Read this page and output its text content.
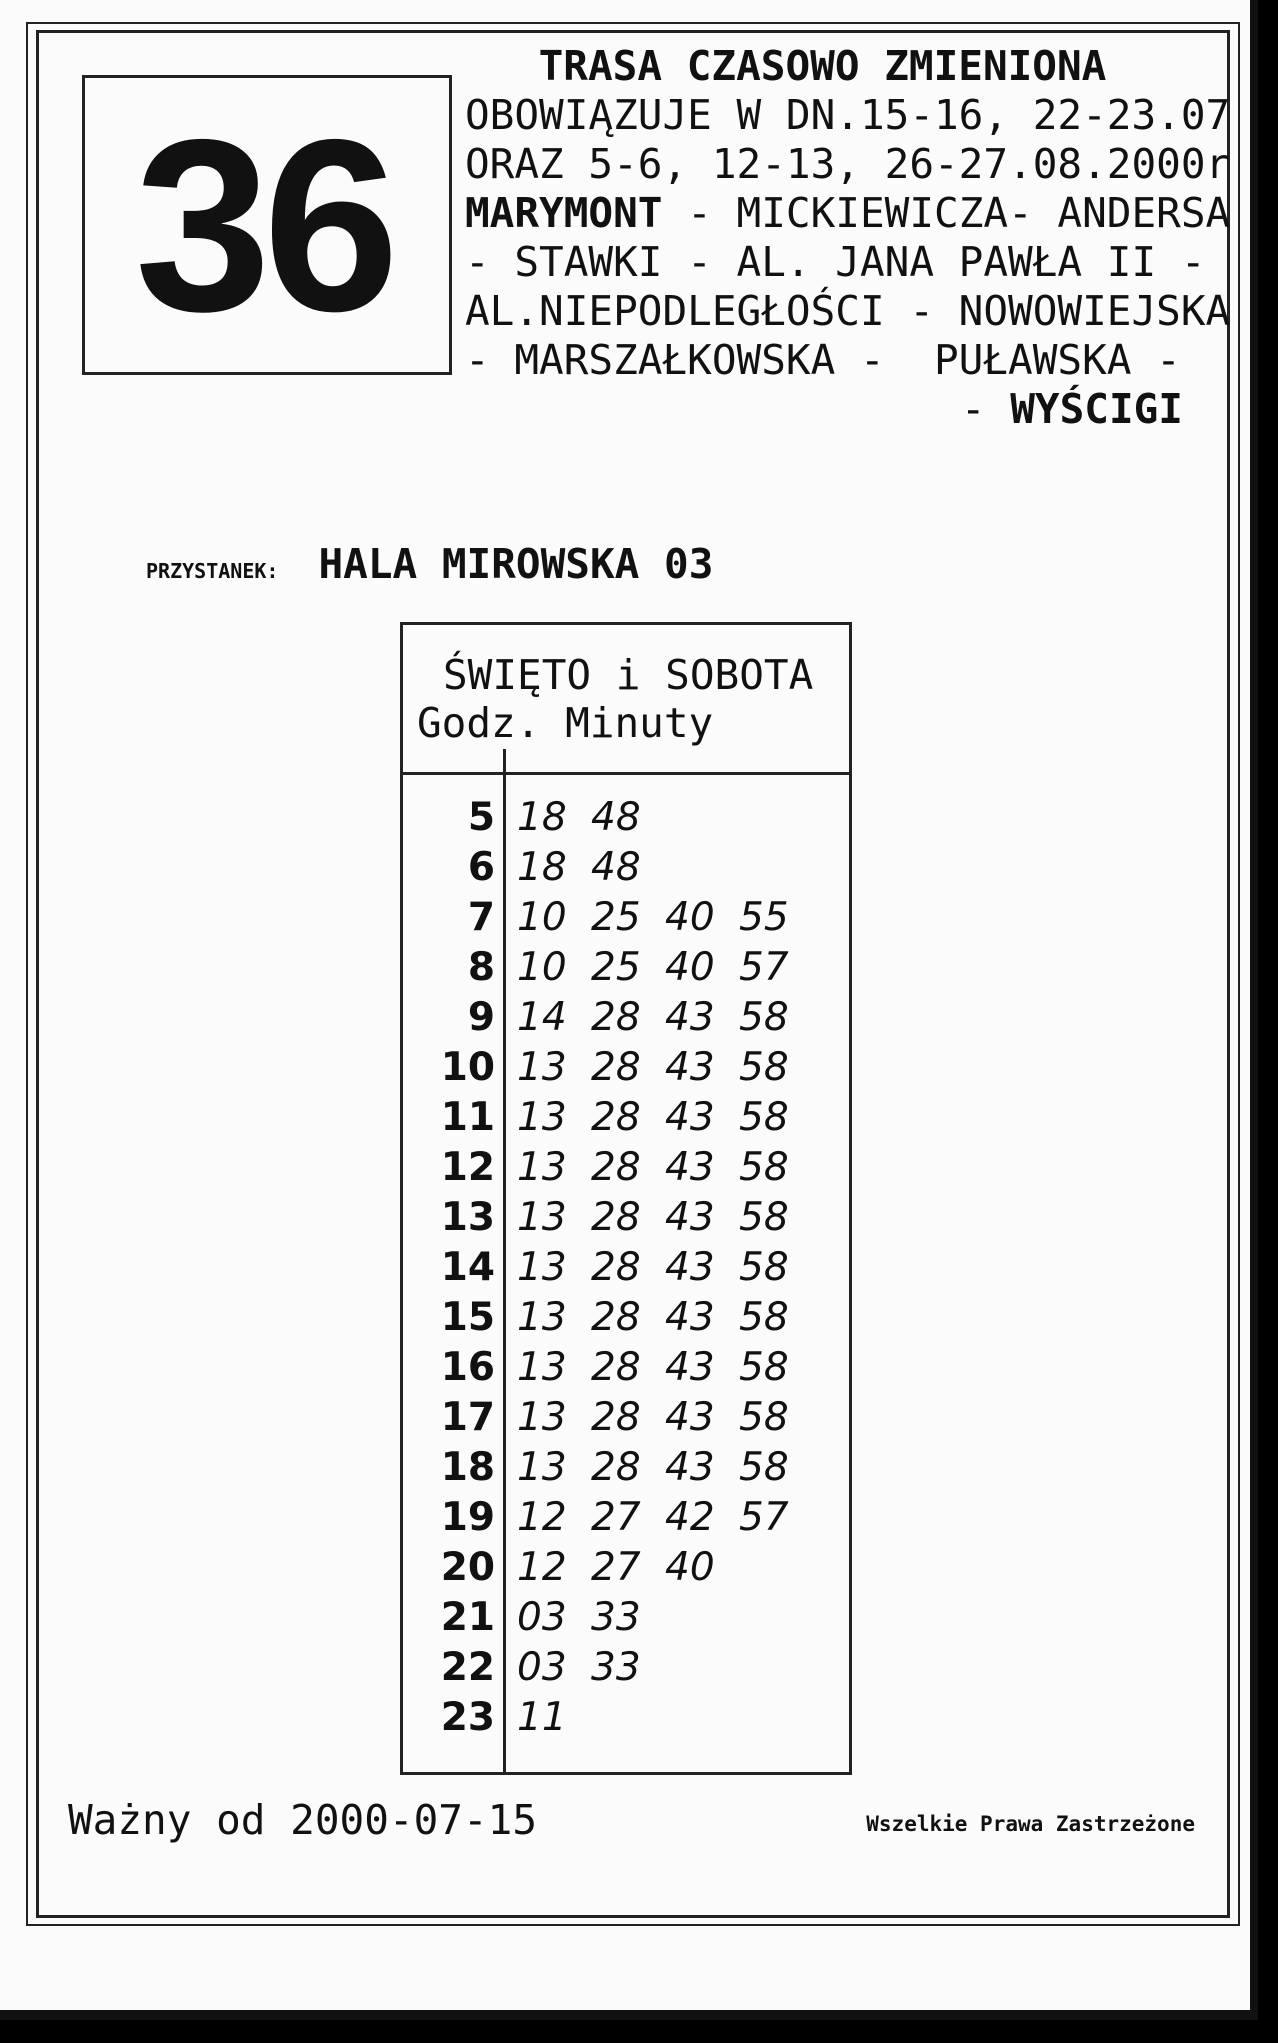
36
TRASA CZASOWO ZMIENIONA
OBOWIĄZUJE W DN.15-16, 22-23.07
ORAZ 5-6, 12-13, 26-27.08.2000r
MARYMONT - MICKIEWICZA- ANDERSA
- STAWKI - AL. JANA PAWŁA II -
AL.NIEPODLEGŁOŚCI - NOWOWIEJSKA
- MARSZAŁKOWSKA -  PUŁAWSKA -
- WYŚCIGI
PRZYSTANEK: HALA MIROWSKA 03
ŚWIĘTO i SOBOTA
Godz. Minuty
5 18 48
6 18 48
7 10 25 40 55
8 10 25 40 57
9 14 28 43 58
10 13 28 43 58
11 13 28 43 58
12 13 28 43 58
13 13 28 43 58
14 13 28 43 58
15 13 28 43 58
16 13 28 43 58
17 13 28 43 58
18 13 28 43 58
19 12 27 42 57
20 12 27 40
21 03 33
22 03 33
23 11
Ważny od 2000-07-15	Wszelkie Prawa Zastrzeżone
